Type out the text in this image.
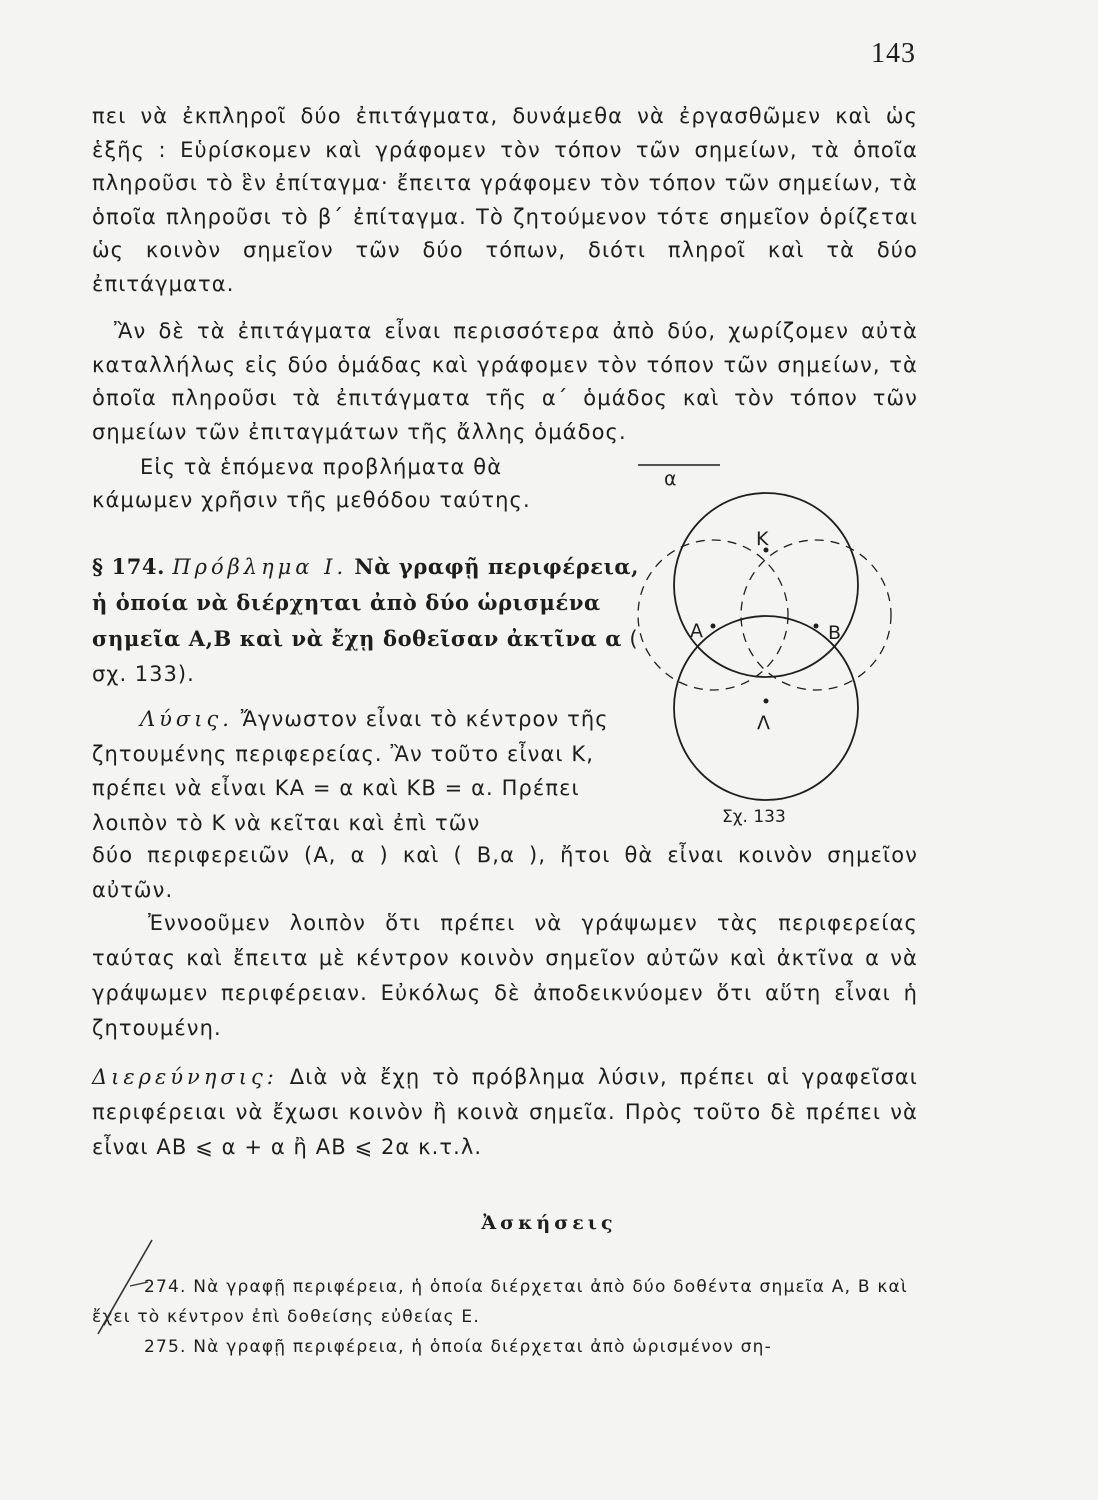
143

πει νὰ ἐκπληροῖ δύο ἐπιτάγματα, δυνάμεθα νὰ ἐργασθῶμεν καὶ ὡς ἑξῆς : Εὑρίσκομεν καὶ γράφομεν τὸν τόπον τῶν σημείων, τὰ ὁποῖα πληροῦσι τὸ ἓν ἐπίταγμα· ἔπειτα γράφομεν τὸν τόπον τῶν σημείων, τὰ ὁποῖα πληροῦσι τὸ β΄ ἐπίταγμα. Τὸ ζητούμενον τότε σημεῖον ὁρίζεται ὡς κοινὸν σημεῖον τῶν δύο τόπων, διότι πληροῖ καὶ τὰ δύο ἐπιτάγματα.

Ἂν δὲ τὰ ἐπιτάγματα εἶναι περισσότερα ἀπὸ δύο, χωρίζομεν αὐτὰ καταλλήλως εἰς δύο ὁμάδας καὶ γράφομεν τὸν τόπον τῶν σημείων, τὰ ὁποῖα πληροῦσι τὰ ἐπιτάγματα τῆς α΄ ὁμάδος καὶ τὸν τόπον τῶν σημείων τῶν ἐπιταγμάτων τῆς ἄλλης ὁμάδος.

Εἰς τὰ ἑπόμενα προβλήματα θὰ κάμωμεν χρῆσιν τῆς μεθόδου ταύτης.

§ 174. Πρόβλημα Ι. Νὰ γραφῇ περιφέρεια, ἡ ὁποία νὰ διέρχηται ἀπὸ δύο ὡρισμένα σημεῖα Α,Β καὶ νὰ ἔχῃ δοθεῖσαν ἀκτῖνα α ( σχ. 133).

Λύσις. Ἄγνωστον εἶναι τὸ κέντρον τῆς ζητουμένης περιφερείας. Ἂν τοῦτο εἶναι Κ, πρέπει νὰ εἶναι ΚΑ = α καὶ ΚΒ = α. Πρέπει λοιπὸν τὸ Κ νὰ κεῖται καὶ ἐπὶ τῶν

δύο περιφερειῶν (Α, α ) καὶ ( Β,α ), ἤτοι θὰ εἶναι κοινὸν σημεῖον αὐτῶν.

Ἐννοοῦμεν λοιπὸν ὅτι πρέπει νὰ γράψωμεν τὰς περιφερείας ταύτας καὶ ἔπειτα μὲ κέντρον κοινὸν σημεῖον αὐτῶν καὶ ἀκτῖνα α νὰ γράψωμεν περιφέρειαν. Εὐκόλως δὲ ἀποδεικνύομεν ὅτι αὕτη εἶναι ἡ ζητουμένη.

Διερεύνησις: Διὰ νὰ ἔχῃ τὸ πρόβλημα λύσιν, πρέπει αἱ γραφεῖσαι περιφέρειαι νὰ ἔχωσι κοινὸν ἢ κοινὰ σημεῖα. Πρὸς τοῦτο δὲ πρέπει νὰ εἶναι ΑΒ ⩽ α + α ἢ ΑΒ ⩽ 2α κ.τ.λ.

Ἀσκήσεις

274. Νὰ γραφῇ περιφέρεια, ἡ ὁποία διέρχεται ἀπὸ δύο δοθέντα σημεῖα Α, Β καὶ ἔχει τὸ κέντρον ἐπὶ δοθείσης εὐθείας Ε.

275. Νὰ γραφῇ περιφέρεια, ἡ ὁποία διέρχεται ἀπὸ ὡρισμένον ση-

α
Κ
Α	Β
Λ
Σχ. 133
